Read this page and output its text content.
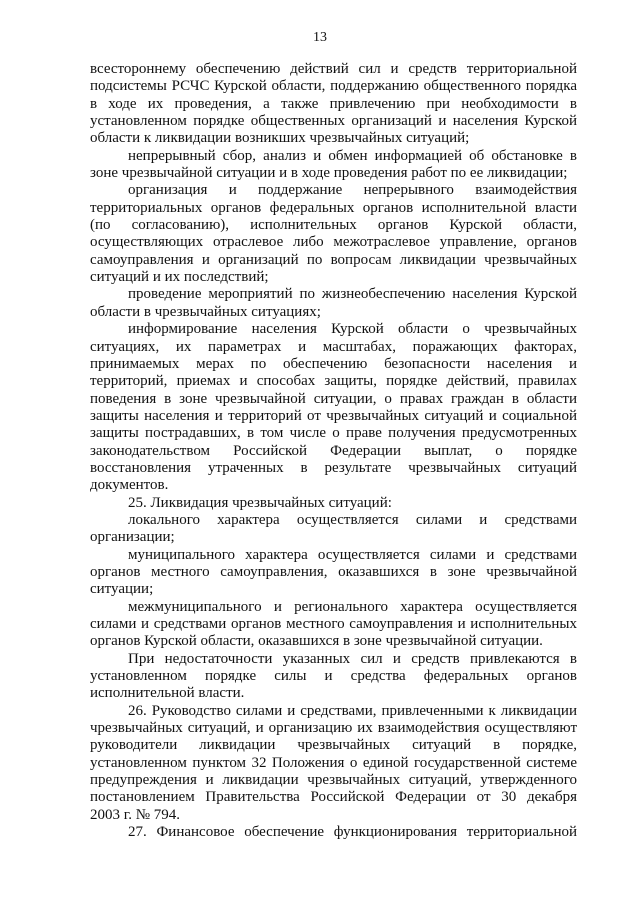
13
всестороннему обеспечению действий сил и средств территориальной
подсистемы РСЧС Курской области, поддержанию общественного порядка
в ходе их проведения, а также привлечению при необходимости в
установленном порядке общественных организаций и населения Курской
области к ликвидации возникших чрезвычайных ситуаций;
непрерывный сбор, анализ и обмен информацией об обстановке в
зоне чрезвычайной ситуации и в ходе проведения работ по ее ликвидации;
организация и поддержание непрерывного взаимодействия
территориальных органов федеральных органов исполнительной власти
(по согласованию), исполнительных органов Курской области,
осуществляющих отраслевое либо межотраслевое управление, органов
самоуправления и организаций по вопросам ликвидации чрезвычайных
ситуаций и их последствий;
проведение мероприятий по жизнеобеспечению населения Курской
области в чрезвычайных ситуациях;
информирование населения Курской области о чрезвычайных
ситуациях, их параметрах и масштабах, поражающих факторах,
принимаемых мерах по обеспечению безопасности населения и
территорий, приемах и способах защиты, порядке действий, правилах
поведения в зоне чрезвычайной ситуации, о правах граждан в области
защиты населения и территорий от чрезвычайных ситуаций и социальной
защиты пострадавших, в том числе о праве получения предусмотренных
законодательством Российской Федерации выплат, о порядке
восстановления утраченных в результате чрезвычайных ситуаций
документов.
25. Ликвидация чрезвычайных ситуаций:
локального характера осуществляется силами и средствами
организации;
муниципального характера осуществляется силами и средствами
органов местного самоуправления, оказавшихся в зоне чрезвычайной
ситуации;
межмуниципального и регионального характера осуществляется
силами и средствами органов местного самоуправления и исполнительных
органов Курской области, оказавшихся в зоне чрезвычайной ситуации.
При недостаточности указанных сил и средств привлекаются в
установленном порядке силы и средства федеральных органов
исполнительной власти.
26. Руководство силами и средствами, привлеченными к ликвидации
чрезвычайных ситуаций, и организацию их взаимодействия осуществляют
руководители ликвидации чрезвычайных ситуаций в порядке,
установленном пунктом 32 Положения о единой государственной системе
предупреждения и ликвидации чрезвычайных ситуаций, утвержденного
постановлением Правительства Российской Федерации от 30 декабря
2003 г. № 794.
27. Финансовое обеспечение функционирования территориальной
